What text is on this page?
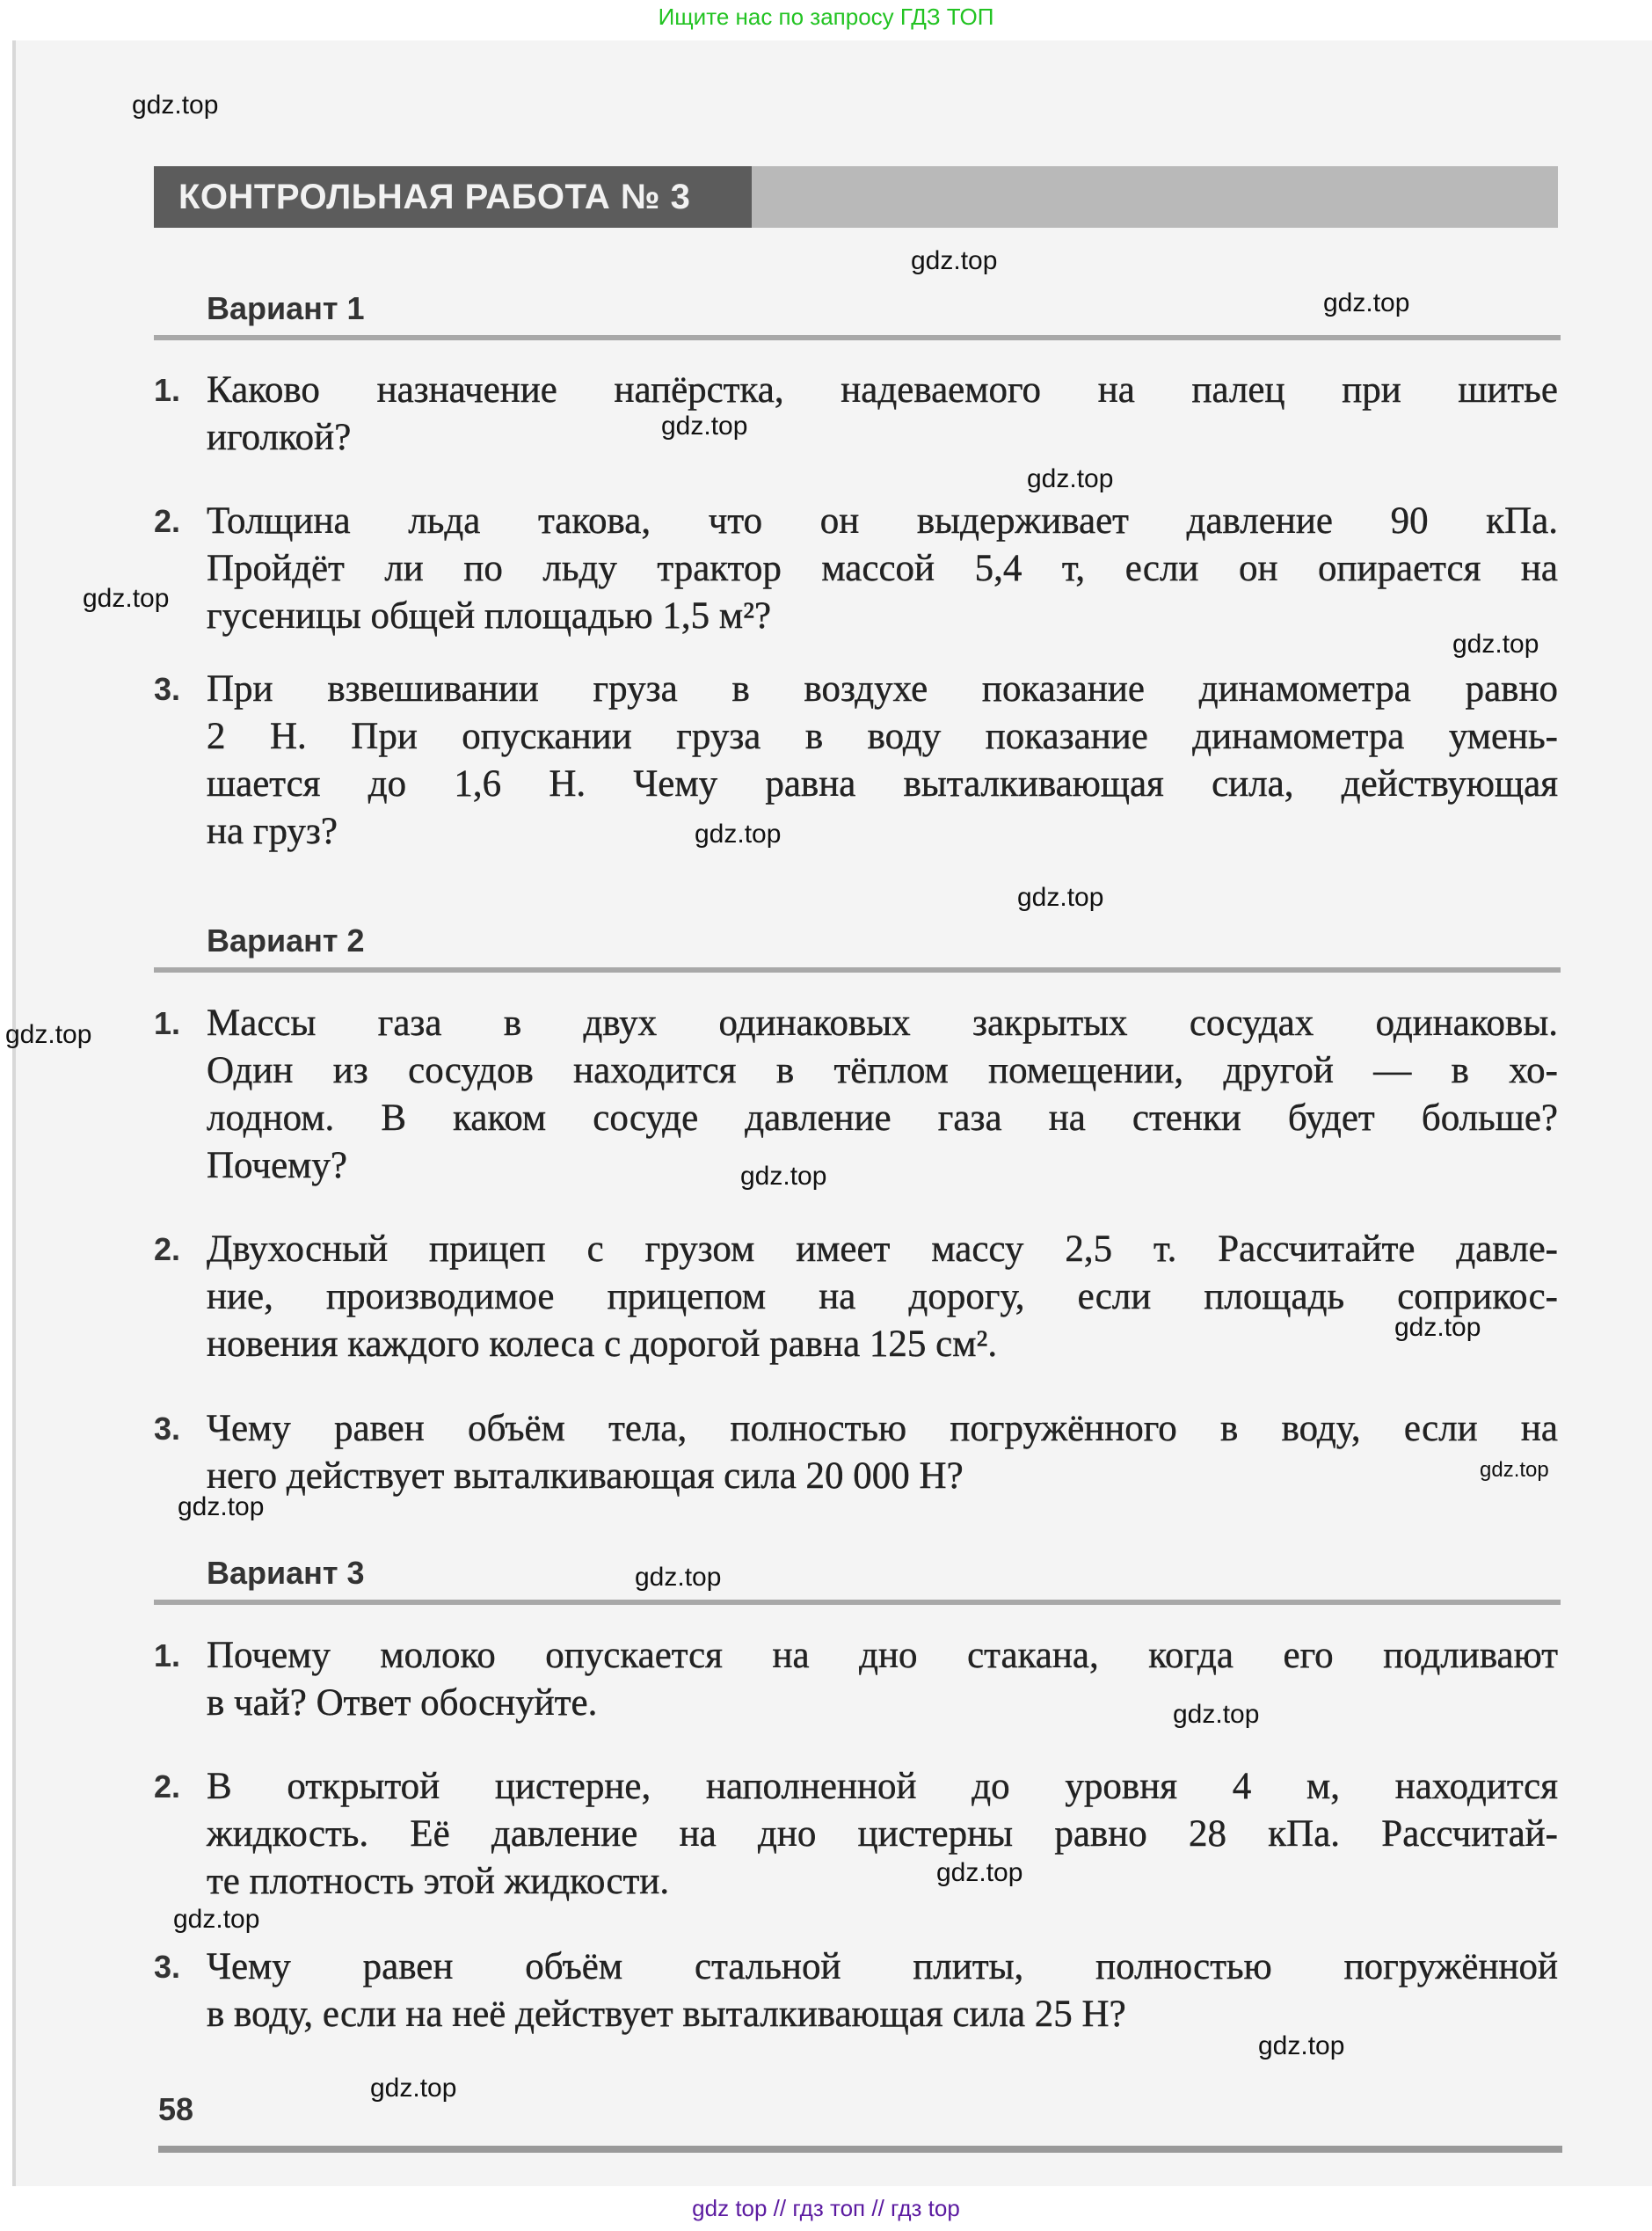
Ищите нас по запросу ГДЗ ТОП
КОНТРОЛЬНАЯ РАБОТА № 3
Вариант 1
1. Каково назначение напёрстка, надеваемого на палец при шитье
иголкой?
2. Толщина льда такова, что он выдерживает давление 90 кПа.
Пройдёт ли по льду трактор массой 5,4 т, если он опирается на
гусеницы общей площадью 1,5 м²?
3. При взвешивании груза в воздухе показание динамометра равно
2 Н. При опускании груза в воду показание динамометра умень-
шается до 1,6 Н. Чему равна выталкивающая сила, действующая
на груз?
Вариант 2
1. Массы газа в двух одинаковых закрытых сосудах одинаковы.
Один из сосудов находится в тёплом помещении, другой — в хо-
лодном. В каком сосуде давление газа на стенки будет больше?
Почему?
2. Двухосный прицеп с грузом имеет массу 2,5 т. Рассчитайте давле-
ние, производимое прицепом на дорогу, если площадь соприкос-
новения каждого колеса с дорогой равна 125 см².
3. Чему равен объём тела, полностью погружённого в воду, если на
него действует выталкивающая сила 20 000 Н?
Вариант 3
1. Почему молоко опускается на дно стакана, когда его подливают
в чай? Ответ обоснуйте.
2. В открытой цистерне, наполненной до уровня 4 м, находится
жидкость. Её давление на дно цистерны равно 28 кПа. Рассчитай-
те плотность этой жидкости.
3. Чему равен объём стальной плиты, полностью погружённой
в воду, если на неё действует выталкивающая сила 25 Н?
58
gdz.top
gdz.top
gdz.top
gdz.top
gdz.top
gdz.top
gdz.top
gdz.top
gdz.top
gdz.top
gdz.top
gdz.top
gdz.top
gdz.top
gdz.top
gdz.top
gdz.top
gdz.top
gdz.top
gdz.top
gdz top // гдз топ // гдз top
